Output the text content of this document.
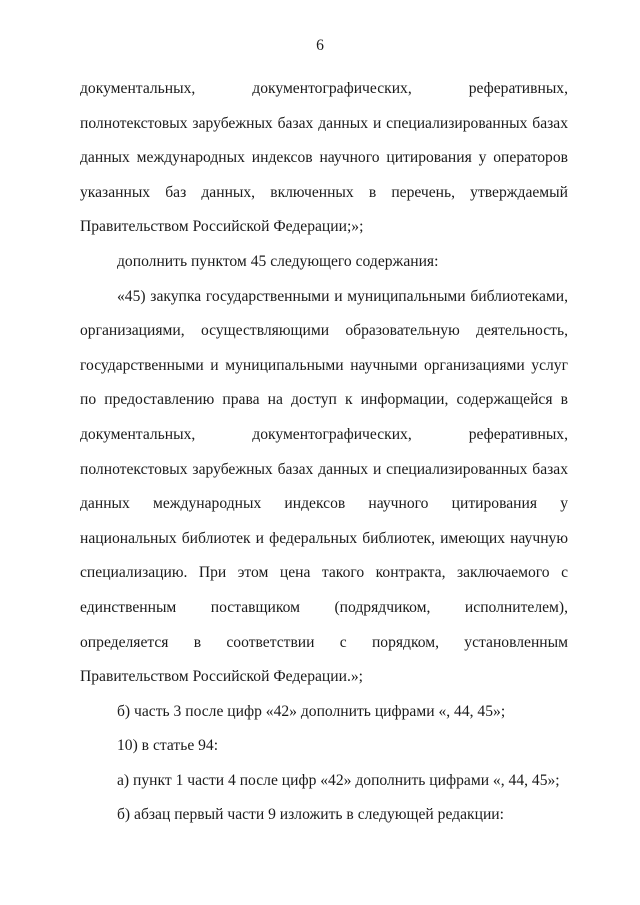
6

документальных, документографических, реферативных, полнотекстовых зарубежных базах данных и специализированных базах данных международных индексов научного цитирования у операторов указанных баз данных, включенных в перечень, утверждаемый Правительством Российской Федерации;»;

дополнить пунктом 45 следующего содержания:

«45) закупка государственными и муниципальными библиотеками, организациями, осуществляющими образовательную деятельность, государственными и муниципальными научными организациями услуг по предоставлению права на доступ к информации, содержащейся в документальных, документографических, реферативных, полнотекстовых зарубежных базах данных и специализированных базах данных международных индексов научного цитирования у национальных библиотек и федеральных библиотек, имеющих научную специализацию. При этом цена такого контракта, заключаемого с единственным поставщиком (подрядчиком, исполнителем), определяется в соответствии с порядком, установленным Правительством Российской Федерации.»;

б) часть 3 после цифр «42» дополнить цифрами «, 44, 45»;

10) в статье 94:

а) пункт 1 части 4 после цифр «42» дополнить цифрами «, 44, 45»;

б) абзац первый части 9 изложить в следующей редакции:
